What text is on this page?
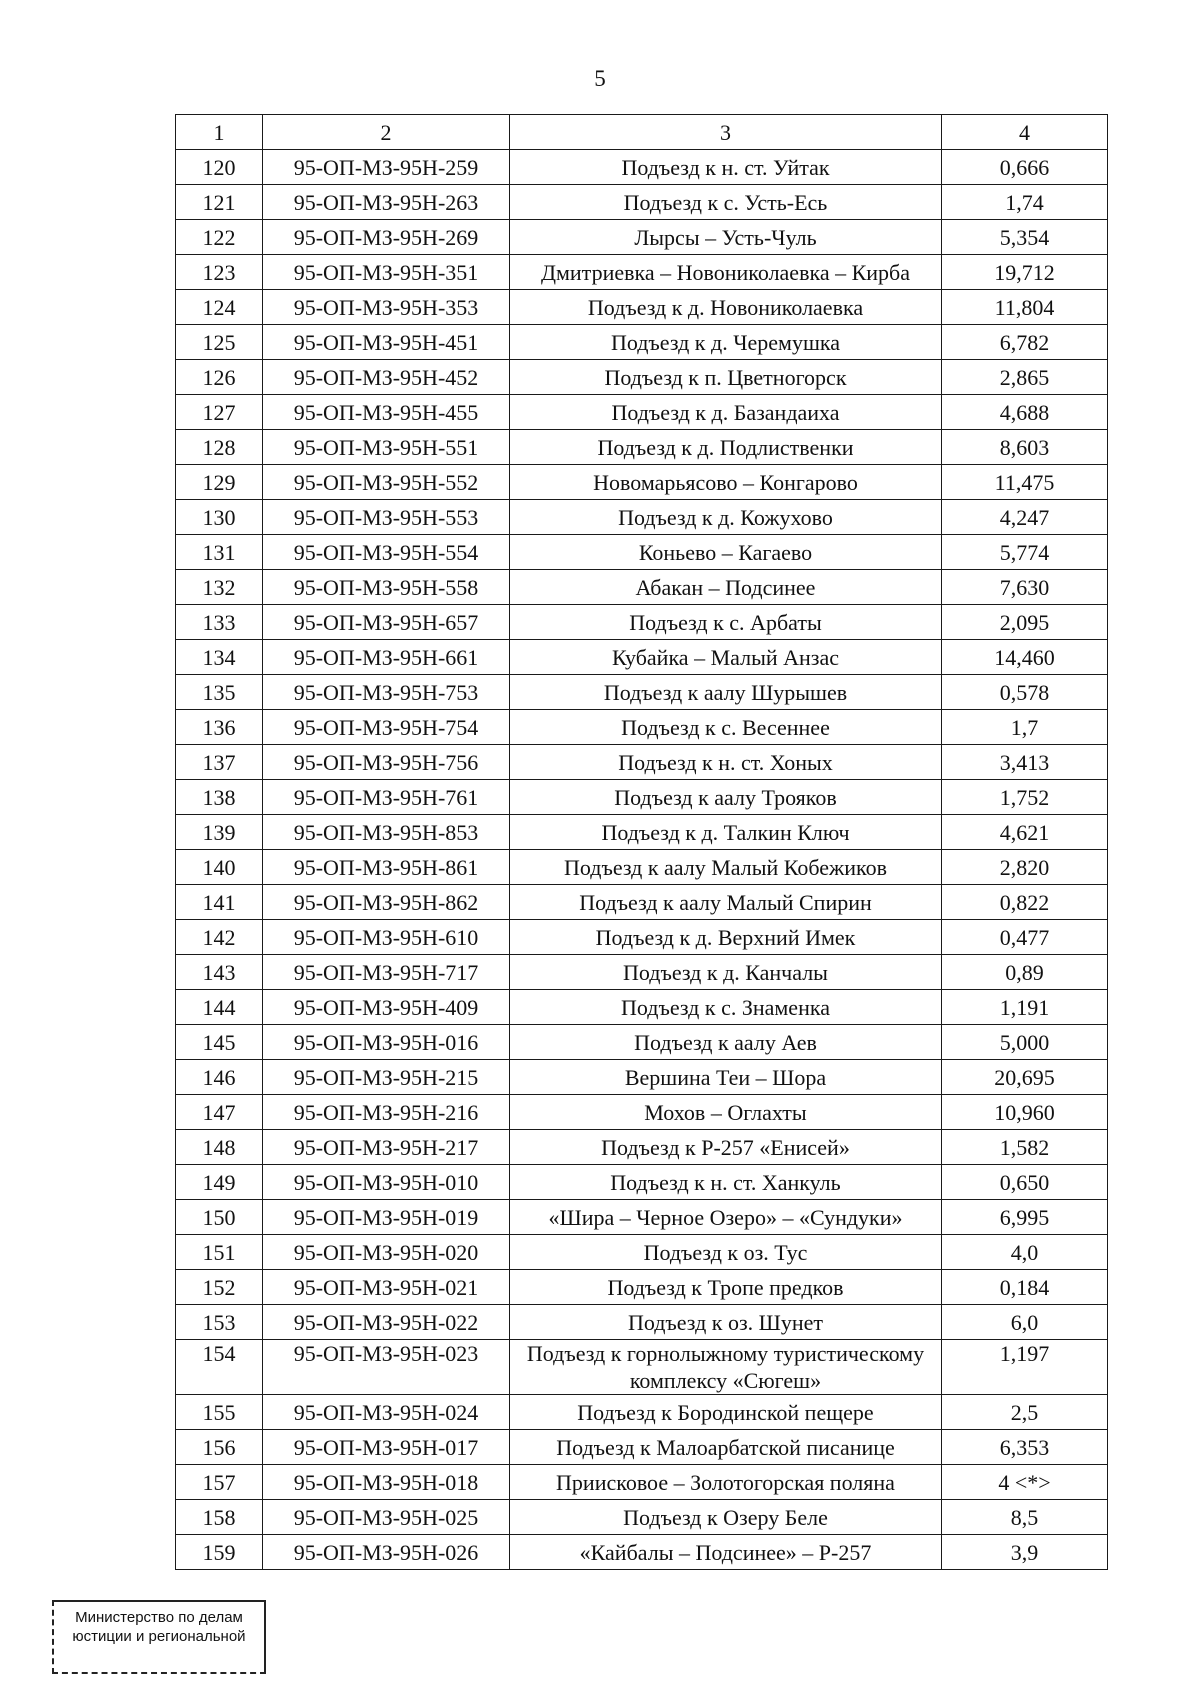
5
1	2	3	4
120	95-ОП-МЗ-95Н-259	Подъезд к н. ст. Уйтак	0,666
121	95-ОП-МЗ-95Н-263	Подъезд к с. Усть-Есь	1,74
122	95-ОП-МЗ-95Н-269	Лырсы – Усть-Чуль	5,354
123	95-ОП-МЗ-95Н-351	Дмитриевка – Новониколаевка – Кирба	19,712
124	95-ОП-МЗ-95Н-353	Подъезд к д. Новониколаевка	11,804
125	95-ОП-МЗ-95Н-451	Подъезд к д. Черемушка	6,782
126	95-ОП-МЗ-95Н-452	Подъезд к п. Цветногорск	2,865
127	95-ОП-МЗ-95Н-455	Подъезд к д. Базандаиха	4,688
128	95-ОП-МЗ-95Н-551	Подъезд к д. Подлиственки	8,603
129	95-ОП-МЗ-95Н-552	Новомарьясово – Конгарово	11,475
130	95-ОП-МЗ-95Н-553	Подъезд к д. Кожухово	4,247
131	95-ОП-МЗ-95Н-554	Коньево – Кагаево	5,774
132	95-ОП-МЗ-95Н-558	Абакан – Подсинее	7,630
133	95-ОП-МЗ-95Н-657	Подъезд к с. Арбаты	2,095
134	95-ОП-МЗ-95Н-661	Кубайка – Малый Анзас	14,460
135	95-ОП-МЗ-95Н-753	Подъезд к аалу Шурышев	0,578
136	95-ОП-МЗ-95Н-754	Подъезд к с. Весеннее	1,7
137	95-ОП-МЗ-95Н-756	Подъезд к н. ст. Хоных	3,413
138	95-ОП-МЗ-95Н-761	Подъезд к аалу Трояков	1,752
139	95-ОП-МЗ-95Н-853	Подъезд к д. Талкин Ключ	4,621
140	95-ОП-МЗ-95Н-861	Подъезд к аалу Малый Кобежиков	2,820
141	95-ОП-МЗ-95Н-862	Подъезд к аалу Малый Спирин	0,822
142	95-ОП-МЗ-95Н-610	Подъезд к д. Верхний Имек	0,477
143	95-ОП-МЗ-95Н-717	Подъезд к д. Канчалы	0,89
144	95-ОП-МЗ-95Н-409	Подъезд к с. Знаменка	1,191
145	95-ОП-МЗ-95Н-016	Подъезд к аалу Аев	5,000
146	95-ОП-МЗ-95Н-215	Вершина Теи – Шора	20,695
147	95-ОП-МЗ-95Н-216	Мохов – Оглахты	10,960
148	95-ОП-МЗ-95Н-217	Подъезд к Р-257 «Енисей»	1,582
149	95-ОП-МЗ-95Н-010	Подъезд к н. ст. Ханкуль	0,650
150	95-ОП-МЗ-95Н-019	«Шира – Черное Озеро» – «Сундуки»	6,995
151	95-ОП-МЗ-95Н-020	Подъезд к оз. Тус	4,0
152	95-ОП-МЗ-95Н-021	Подъезд к Тропе предков	0,184
153	95-ОП-МЗ-95Н-022	Подъезд к оз. Шунет	6,0
154	95-ОП-МЗ-95Н-023	Подъезд к горнолыжному туристическому комплексу «Сюгеш»	1,197
155	95-ОП-МЗ-95Н-024	Подъезд к Бородинской пещере	2,5
156	95-ОП-МЗ-95Н-017	Подъезд к Малоарбатской писанице	6,353
157	95-ОП-МЗ-95Н-018	Приисковое – Золотогорская поляна	4 <*>
158	95-ОП-МЗ-95Н-025	Подъезд к Озеру Беле	8,5
159	95-ОП-МЗ-95Н-026	«Кайбалы – Подсинее» – Р-257	3,9
Министерство по делам
юстиции и региональной
